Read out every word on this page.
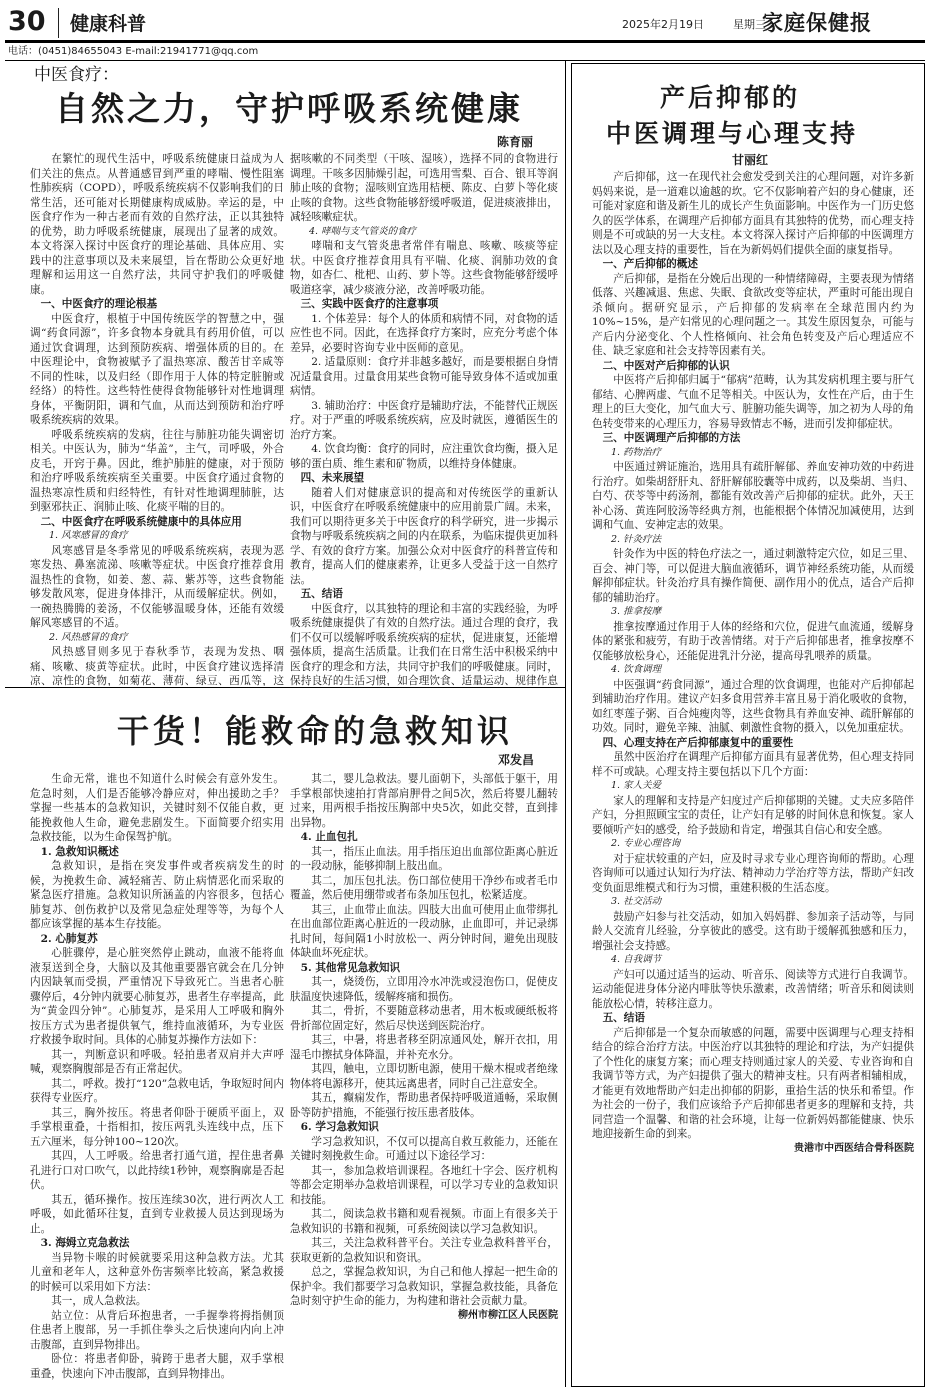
30 健康科普	2025年2月19日	星期三
家庭保健报
电话：(0451)84655043 E-mail:21941771@qq.com
中医食疗：
自然之力，守护呼吸系统健康
陈育丽

在繁忙的现代生活中，呼吸系统健康日益成为人们关注的焦点。从普通感冒到严重的哮喘、慢性阻塞性肺疾病（COPD），呼吸系统疾病不仅影响我们的日常生活，还可能对长期健康构成威胁。幸运的是，中医食疗作为一种古老而有效的自然疗法，正以其独特的优势，助力呼吸系统健康，展现出了显著的成效。本文将深入探讨中医食疗的理论基础、具体应用、实践中的注意事项以及未来展望，旨在帮助公众更好地理解和运用这一自然疗法，共同守护我们的呼吸健康。

一、中医食疗的理论根基

中医食疗，根植于中国传统医学的智慧之中，强调“药食同源”，许多食物本身就具有药用价值，可以通过饮食调理，达到预防疾病、增强体质的目的。在中医理论中，食物被赋予了温热寒凉、酸苦甘辛咸等不同的性味，以及归经（即作用于人体的特定脏腑或经络）的特性。这些特性使得食物能够针对性地调理身体，平衡阴阳，调和气血，从而达到预防和治疗呼吸系统疾病的效果。

呼吸系统疾病的发病，往往与肺脏功能失调密切相关。中医认为，肺为“华盖”，主气，司呼吸，外合皮毛，开窍于鼻。因此，维护肺脏的健康，对于预防和治疗呼吸系统疾病至关重要。中医食疗通过食物的温热寒凉性质和归经特性，有针对性地调理肺脏，达到驱邪扶正、润肺止咳、化痰平喘的目的。

二、中医食疗在呼吸系统健康中的具体应用

1. 风寒感冒的食疗

风寒感冒是冬季常见的呼吸系统疾病，表现为恶寒发热、鼻塞流涕、咳嗽等症状。中医食疗推荐食用温热性的食物，如姜、葱、蒜、紫苏等，这些食物能够发散风寒，促进身体排汗，从而缓解症状。例如，一碗热腾腾的姜汤，不仅能够温暖身体，还能有效缓解风寒感冒的不适。

2. 风热感冒的食疗

风热感冒则多见于春秋季节，表现为发热、咽痛、咳嗽、痰黄等症状。此时，中医食疗建议选择清凉、凉性的食物，如菊花、薄荷、绿豆、西瓜等，这

据咳嗽的不同类型（干咳、湿咳），选择不同的食物进行调理。干咳多因肺燥引起，可选用雪梨、百合、银耳等润肺止咳的食物；湿咳则宜选用桔梗、陈皮、白萝卜等化痰止咳的食物。这些食物能够舒缓呼吸道，促进痰液排出，减轻咳嗽症状。

4. 哮喘与支气管炎的食疗

哮喘和支气管炎患者常伴有喘息、咳嗽、咳痰等症状。中医食疗推荐食用具有平喘、化痰、润肺功效的食物，如杏仁、枇杷、山药、萝卜等。这些食物能够舒缓呼吸道痉挛，减少痰液分泌，改善呼吸功能。

三、实践中医食疗的注意事项

1. 个体差异：每个人的体质和病情不同，对食物的适应性也不同。因此，在选择食疗方案时，应充分考虑个体差异，必要时咨询专业中医师的意见。

2. 适量原则：食疗并非越多越好，而是要根据自身情况适量食用。过量食用某些食物可能导致身体不适或加重病情。

3. 辅助治疗：中医食疗是辅助疗法，不能替代正规医疗。对于严重的呼吸系统疾病，应及时就医，遵循医生的治疗方案。

4. 饮食均衡：食疗的同时，应注重饮食均衡，摄入足够的蛋白质、维生素和矿物质，以维持身体健康。

四、未来展望

随着人们对健康意识的提高和对传统医学的重新认识，中医食疗在呼吸系统健康中的应用前景广阔。未来，我们可以期待更多关于中医食疗的科学研究，进一步揭示食物与呼吸系统疾病之间的内在联系，为临床提供更加科学、有效的食疗方案。加强公众对中医食疗的科普宣传和教育，提高人们的健康素养，让更多人受益于这一自然疗法。

五、结语

中医食疗，以其独特的理论和丰富的实践经验，为呼吸系统健康提供了有效的自然疗法。通过合理的食疗，我们不仅可以缓解呼吸系统疾病的症状，促进康复，还能增强体质，提高生活质量。让我们在日常生活中积极采纳中医食疗的理念和方法，共同守护我们的呼吸健康。同时，保持良好的生活习惯，如合理饮食、适量运动、规律作息

干货！能救命的急救知识
邓发昌

生命无常，谁也不知道什么时候会有意外发生。危急时刻，人们是否能够冷静应对，伸出援助之手？掌握一些基本的急救知识，关键时刻不仅能自救，更能挽救他人生命，避免悲剧发生。下面简要介绍实用急救技能，以为生命保驾护航。

1. 急救知识概述

急救知识，是指在突发事件或者疾病发生的时候，为挽救生命、减轻痛苦、防止病情恶化而采取的紧急医疗措施。急救知识所涵盖的内容很多，包括心肺复苏、创伤救护以及常见急症处理等等，为每个人都应该掌握的基本生存技能。

2. 心肺复苏

心脏骤停，是心脏突然停止跳动，血液不能将血液泵送到全身，大脑以及其他重要器官就会在几分钟内因缺氧而受损，严重情况下导致死亡。当患者心脏骤停后，4分钟内就要心肺复苏，患者生存率提高，此为“黄金四分钟”。心肺复苏，是采用人工呼吸和胸外按压方式为患者提供氧气，维持血液循环，为专业医疗救援争取时间。具体的心肺复苏操作方法如下：

其一，判断意识和呼吸。轻拍患者双肩并大声呼喊，观察胸腹部是否有正常起伏。

其二，呼救。拨打“120”急救电话，争取短时间内获得专业医疗。

其三，胸外按压。将患者仰卧于硬质平面上，双手掌根重叠，十指相扣，按压两乳头连线中点，压下五六厘米，每分钟100~120次。

其四，人工呼吸。给患者打通气道，捏住患者鼻孔进行口对口吹气，以此持续1秒钟，观察胸廓是否起伏。

其五，循环操作。按压连续30次，进行两次人工呼吸，如此循环往复，直到专业救援人员达到现场为止。

3. 海姆立克急救法

当异物卡喉的时候就要采用这种急救方法。尤其儿童和老年人，这种意外伤害频率比较高，紧急救援的时候可以采用如下方法：

其一，成人急救法。

站立位：从背后环抱患者，一手握拳将拇指侧顶住患者上腹部，另一手抓住拳头之后快速向内向上冲击腹部，直到异物排出。

卧位：将患者仰卧，骑跨于患者大腿，双手掌根重叠，快速向下冲击腹部，直到异物排出。

其二，婴儿急救法。婴儿面朝下，头部低于躯干，用手掌根部快速拍打背部肩胛骨之间5次，然后将婴儿翻转过来，用两根手指按压胸部中央5次，如此交替，直到排出异物。

4. 止血包扎

其一，指压止血法。用手指压迫出血部位距离心脏近的一段动脉，能够抑制上肢出血。

其二，加压包扎法。伤口部位使用干净纱布或者毛巾覆盖，然后使用绷带或者布条加压包扎，松紧适度。

其三，止血带止血法。四肢大出血可使用止血带绑扎在出血部位距离心脏近的一段动脉，止血即可，并记录绑扎时间，每间隔1小时放松一、两分钟时间，避免出现肢体缺血坏死症状。

5. 其他常见急救知识

其一，烧烫伤，立即用冷水冲洗或浸泡伤口，促使皮肤温度快速降低，缓解疼痛和损伤。

其二，骨折，不要随意移动患者，用木板或硬纸板将骨折部位固定好，然后尽快送到医院治疗。

其三，中暑，将患者移至阴凉通风处，解开衣扣，用湿毛巾擦拭身体降温，并补充水分。

其四，触电，立即切断电源，使用干燥木棍或者绝缘物体将电源移开，使其远离患者，同时自己注意安全。

其五，癫痫发作，帮助患者保持呼吸道通畅，采取侧卧等防护措施，不能强行按压患者肢体。

6. 学习急救知识

学习急救知识，不仅可以提高自救互救能力，还能在关键时刻挽救生命。可通过以下途径学习：

其一，参加急救培训课程。各地红十字会、医疗机构等都会定期举办急救培训课程，可以学习专业的急救知识和技能。

其二，阅读急救书籍和观看视频。市面上有很多关于急救知识的书籍和视频，可系统阅读以学习急救知识。

其三，关注急救科普平台。关注专业急救科普平台，获取更新的急救知识和资讯。

总之，掌握急救知识，为自己和他人撑起一把生命的保护伞。我们都要学习急救知识，掌握急救技能，具备危急时刻守护生命的能力，为构建和谐社会贡献力量。

柳州市柳江区人民医院

产后抑郁的
中医调理与心理支持
甘丽红

产后抑郁，这一在现代社会愈发受到关注的心理问题，对许多新妈妈来说，是一道难以逾越的坎。它不仅影响着产妇的身心健康，还可能对家庭和谐及新生儿的成长产生负面影响。中医作为一门历史悠久的医学体系，在调理产后抑郁方面具有其独特的优势，而心理支持则是不可或缺的另一大支柱。本文将深入探讨产后抑郁的中医调理方法以及心理支持的重要性，旨在为新妈妈们提供全面的康复指导。

一、产后抑郁的概述

产后抑郁，是指在分娩后出现的一种情绪障碍，主要表现为情绪低落、兴趣减退、焦虑、失眠、食欲改变等症状，严重时可能出现自杀倾向。据研究显示，产后抑郁的发病率在全球范围内约为10%~15%，是产妇常见的心理问题之一。其发生原因复杂，可能与产后内分泌变化、个人性格倾向、社会角色转变及产后心理适应不佳、缺乏家庭和社会支持等因素有关。

二、中医对产后抑郁的认识

中医将产后抑郁归属于“郁病”范畴，认为其发病机理主要与肝气郁结、心脾两虚、气血不足等相关。中医认为，女性在产后，由于生理上的巨大变化，加气血大亏、脏腑功能失调等，加之初为人母的角色转变带来的心理压力，容易导致情志不畅，进而引发抑郁症状。

三、中医调理产后抑郁的方法

1. 药物治疗

中医通过辨证施治，选用具有疏肝解郁、养血安神功效的中药进行治疗。如柴胡舒肝丸、舒肝解郁胶囊等中成药，以及柴胡、当归、白芍、茯苓等中药汤剂，都能有效改善产后抑郁的症状。此外，天王补心汤、黄连阿胶汤等经典方剂，也能根据个体情况加减使用，达到调和气血、安神定志的效果。

2. 针灸疗法

针灸作为中医的特色疗法之一，通过刺激特定穴位，如足三里、百会、神门等，可以促进大脑血液循环，调节神经系统功能，从而缓解抑郁症状。针灸治疗具有操作简便、副作用小的优点，适合产后抑郁的辅助治疗。

3. 推拿按摩

推拿按摩通过作用于人体的经络和穴位，促进气血流通，缓解身体的紧张和疲劳，有助于改善情绪。对于产后抑郁患者，推拿按摩不仅能够放松身心，还能促进乳汁分泌，提高母乳喂养的质量。

4. 饮食调理

中医强调“药食同源”，通过合理的饮食调理，也能对产后抑郁起到辅助治疗作用。建议产妇多食用营养丰富且易于消化吸收的食物，如红枣莲子粥、百合炖瘦肉等，这些食物具有养血安神、疏肝解郁的功效。同时，避免辛辣、油腻、刺激性食物的摄入，以免加重症状。

四、心理支持在产后抑郁康复中的重要性

虽然中医治疗在调理产后抑郁方面具有显著优势，但心理支持同样不可或缺。心理支持主要包括以下几个方面：

1. 家人关爱

家人的理解和支持是产妇度过产后抑郁期的关键。丈夫应多陪伴产妇，分担照顾宝宝的责任，让产妇有足够的时间休息和恢复。家人要倾听产妇的感受，给予鼓励和肯定，增强其自信心和安全感。

2. 专业心理咨询

对于症状较重的产妇，应及时寻求专业心理咨询师的帮助。心理咨询师可以通过认知行为疗法、精神动力学治疗等方法，帮助产妇改变负面思维模式和行为习惯，重建积极的生活态度。

3. 社交活动

鼓励产妇参与社交活动，如加入妈妈群、参加亲子活动等，与同龄人交流育儿经验，分享彼此的感受。这有助于缓解孤独感和压力，增强社会支持感。

4. 自我调节

产妇可以通过适当的运动、听音乐、阅读等方式进行自我调节。运动能促进身体分泌内啡肽等快乐激素，改善情绪；听音乐和阅读则能放松心情，转移注意力。

五、结语

产后抑郁是一个复杂而敏感的问题，需要中医调理与心理支持相结合的综合治疗方法。中医治疗以其独特的理论和疗法，为产妇提供了个性化的康复方案；而心理支持则通过家人的关爱、专业咨询和自我调节等方式，为产妇提供了强大的精神支柱。只有两者相辅相成，才能更有效地帮助产妇走出抑郁的阴影，重拾生活的快乐和希望。作为社会的一份子，我们应该给予产后抑郁患者更多的理解和支持，共同营造一个温馨、和谐的社会环境，让每一位新妈妈都能健康、快乐地迎接新生命的到来。

贵港市中西医结合骨科医院
